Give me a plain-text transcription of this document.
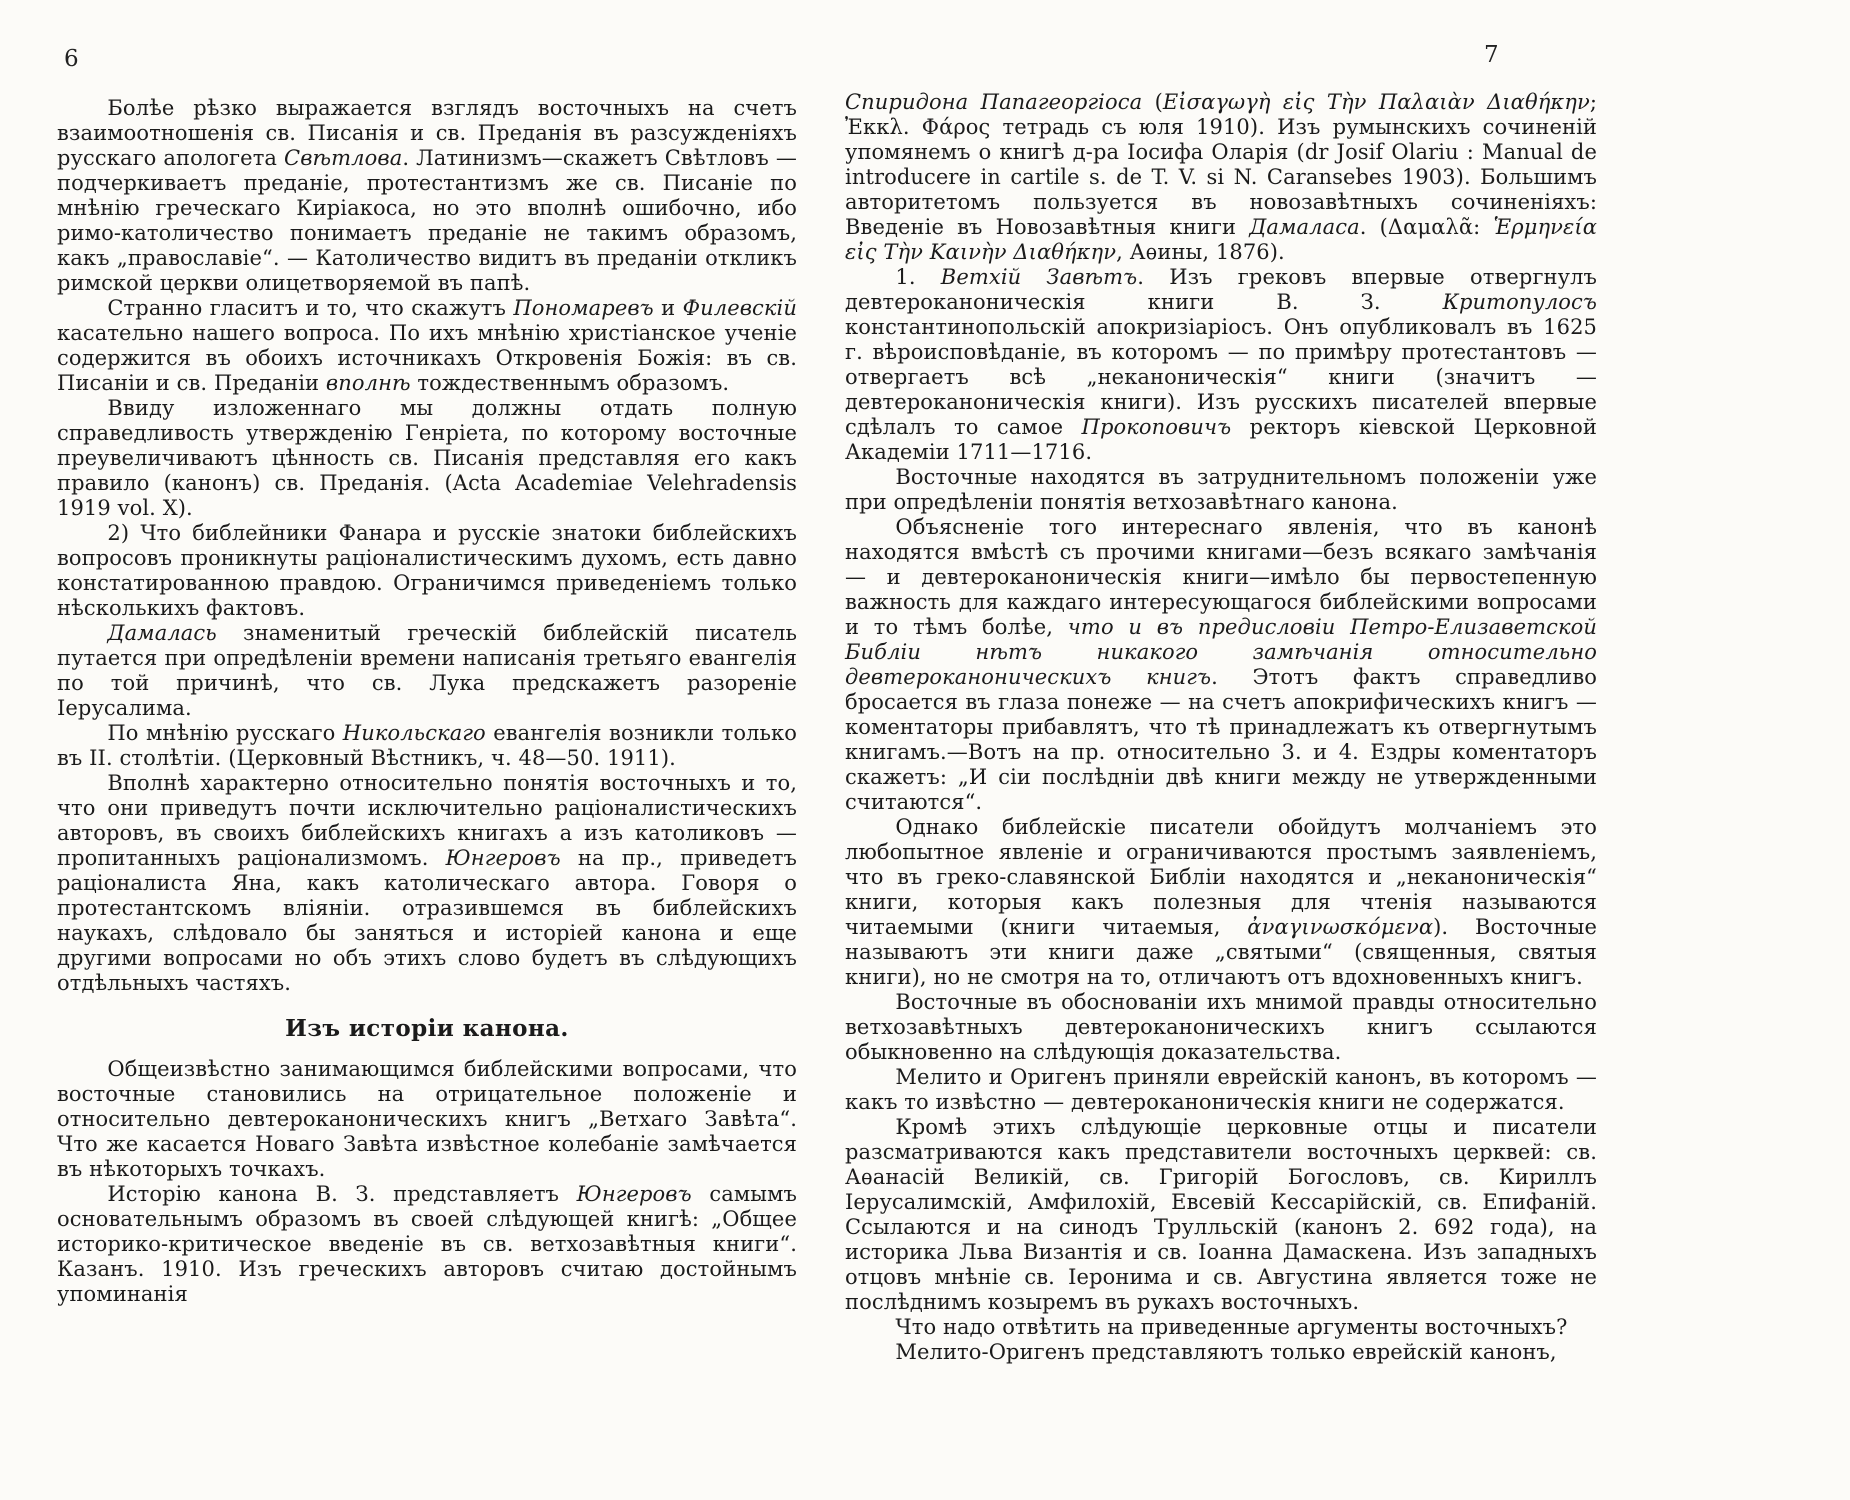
6	7

Болѣе рѣзко выражается взглядъ восточныхъ на счетъ взаимоотношенія св. Писанія и св. Преданія въ разсужденіяхъ русскаго апологета Свѣтлова. Латинизмъ—скажетъ Свѣтловъ — подчеркиваетъ преданіе, протестантизмъ же св. Писаніе по мнѣнію греческаго Киріакоса, но это вполнѣ ошибочно, ибо римо-католичество понимаетъ преданіе не такимъ образомъ, какъ „православіе“. — Католичество видитъ въ преданіи откликъ римской церкви олицетворяемой въ папѣ.

Странно гласитъ и то, что скажутъ Пономаревъ и Филевскій касательно нашего вопроса. По ихъ мнѣнію христіанское ученіе содержится въ обоихъ источникахъ Откровенія Божія: въ св. Писаніи и св. Преданіи вполнѣ тождественнымъ образомъ.

Ввиду изложеннаго мы должны отдать полную справедливость утвержденію Генріета, по которому восточные преувеличиваютъ цѣнность св. Писанія представляя его какъ правило (канонъ) св. Преданія. (Acta Academiae Velehradensis 1919 vol. X).

2) Что библейники Фанара и русскіе знатоки библейскихъ вопросовъ проникнуты раціоналистическимъ духомъ, есть давно констатированною правдою. Ограничимся приведеніемъ только нѣсколькихъ фактовъ.

Дамалась знаменитый греческій библейскій писатель путается при опредѣленіи времени написанія третьяго евангелія по той причинѣ, что св. Лука предскажетъ разореніе Іерусалима.

По мнѣнію русскаго Никольскаго евангелія возникли только въ II. столѣтіи. (Церковный Вѣстникъ, ч. 48—50. 1911).

Вполнѣ характерно относительно понятія восточныхъ и то, что они приведутъ почти исключительно раціоналистическихъ авторовъ, въ своихъ библейскихъ книгахъ а изъ католиковъ — пропитанныхъ раціонализмомъ. Юнгеровъ на пр., приведетъ раціоналиста Яна, какъ католическаго автора. Говоря о протестантскомъ вліяніи. отразившемся въ библейскихъ наукахъ, слѣдовало бы заняться и исторіей канона и еще другими вопросами но объ этихъ слово будетъ въ слѣдующихъ отдѣльныхъ частяхъ.

Изъ исторіи канона.

Общеизвѣстно занимающимся библейскими вопросами, что восточные становились на отрицательное положеніе и относительно девтероканоническихъ книгъ „Ветхаго Завѣта“. Что же касается Новаго Завѣта извѣстное колебаніе замѣчается въ нѣкоторыхъ точкахъ.

Исторію канона В. З. представляетъ Юнгеровъ самымъ основательнымъ образомъ въ своей слѣдующей книгѣ: „Общее историко-критическое введеніе въ св. ветхозавѣтныя книги“. Казанъ. 1910. Изъ греческихъ авторовъ считаю достойнымъ упоминанія

Спиридона Папагеоргіоса (Εἰσαγωγὴ εἰς Τὴν Παλαιὰν Διαθήκην; Ἐκκλ. Φάρος тетрадь съ юля 1910). Изъ румынскихъ сочиненій упомянемъ о книгѣ д-ра Іосифа Оларія (dr Josif Olariu : Manual de introducere in cartile s. de T. V. si N. Caransebes 1903). Большимъ авторитетомъ пользуется въ новозавѣтныхъ сочиненіяхъ: Введеніе въ Новозавѣтныя книги Дамаласа. (Δαμαλᾶ: Ἑρμηνεία εἰς Τὴν Καινὴν Διαθήκην, Аѳины, 1876).

1. Ветхій Завѣтъ. Изъ грековъ впервые отвергнулъ девтероканоническія книги В. З. Критопулосъ константинопольскій апокризіаріосъ. Онъ опубликовалъ въ 1625 г. вѣроисповѣданіе, въ которомъ — по примѣру протестантовъ — отвергаетъ всѣ „неканоническія“ книги (значитъ — девтероканоническія книги). Изъ русскихъ писателей впервые сдѣлалъ то самое Прокоповичъ ректоръ кіевской Церковной Академіи 1711—1716.

Восточные находятся въ затруднительномъ положеніи уже при опредѣленіи понятія ветхозавѣтнаго канона.

Объясненіе того интереснаго явленія, что въ канонѣ находятся вмѣстѣ съ прочими книгами—безъ всякаго замѣчанія — и девтероканоническія книги—имѣло бы первостепенную важность для каждаго интересующагося библейскими вопросами и то тѣмъ болѣе, что и въ предисловіи Петро-Елизаветской Библіи нѣтъ никакого замѣчанія относительно девтероканоническихъ книгъ. Этотъ фактъ справедливо бросается въ глаза понеже — на счетъ апокрифическихъ книгъ — коментаторы прибавлятъ, что тѣ принадлежатъ къ отвергнутымъ книгамъ.—Вотъ на пр. относительно 3. и 4. Ездры коментаторъ скажетъ: „И сіи послѣдніи двѣ книги между не утвержденными считаются“.

Однако библейскіе писатели обойдутъ молчаніемъ это любопытное явленіе и ограничиваются простымъ заявленіемъ, что въ греко-славянской Библіи находятся и „неканоническія“ книги, которыя какъ полезныя для чтенія называются читаемыми (книги читаемыя, ἀναγινωσκόμενα). Восточные называютъ эти книги даже „святыми“ (священныя, святыя книги), но не смотря на то, отличаютъ отъ вдохновенныхъ книгъ.

Восточные въ обоснованіи ихъ мнимой правды относительно ветхозавѣтныхъ девтероканоническихъ книгъ ссылаются обыкновенно на слѣдующія доказательства.

Мелито и Оригенъ приняли еврейскій канонъ, въ которомъ —какъ то извѣстно — девтероканоническія книги не содержатся.

Кромѣ этихъ слѣдующіе церковные отцы и писатели разсматриваются какъ представители восточныхъ церквей: св. Аѳанасій Великій, св. Григорій Богословъ, св. Кириллъ Іерусалимскій, Амфилохій, Евсевій Кессарійскій, св. Епифаній. Ссылаются и на синодъ Трулльскій (канонъ 2. 692 года), на историка Льва Византія и св. Іоанна Дамаскена. Изъ западныхъ отцовъ мнѣніе св. Іеронима и св. Августина является тоже не послѣднимъ козыремъ въ рукахъ восточныхъ.

Что надо отвѣтить на приведенные аргументы восточныхъ?

Мелито-Оригенъ представляютъ только еврейскій канонъ,
